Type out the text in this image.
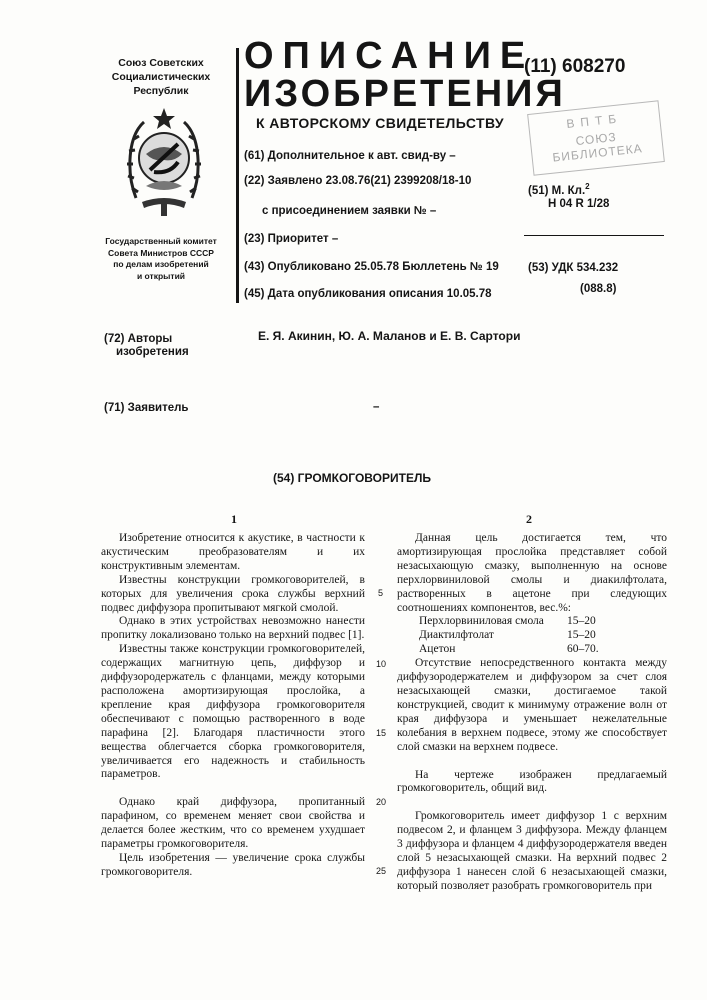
Союз Советских
Социалистических
Республик
Государственный комитет
Совета Министров СССР
по делам изобретений
и открытий
ОПИСАНИЕ
ИЗОБРЕТЕНИЯ
К АВТОРСКОМУ СВИДЕТЕЛЬСТВУ
(11) 608270
ВПТБ
СОЮЗ БИБЛИОТЕКА
(61) Дополнительное к авт. свид-ву –
(22) Заявлено 23.08.76(21) 2399208/18-10
с присоединением заявки № –
(23) Приоритет –
(43) Опубликовано 25.05.78 Бюллетень № 19
(45) Дата опубликования описания 10.05.78
(51) М. Кл.$^2$
H 04 R 1/28
(53) УДК 534.232
(088.8)
(72) Авторы
изобретения
Е. Я. Акинин, Ю. А. Маланов и Е. В. Сартори
(71) Заявитель	–
(54) ГРОМКОГОВОРИТЕЛЬ
1	2

Изобретение относится к акустике, в частности к акустическим преобразователям и их конструктивным элементам.

Известны конструкции громкоговорителей, в которых для увеличения срока службы верхний подвес диффузора пропитывают мягкой смолой.

Однако в этих устройствах невозможно нанести пропитку локализовано только на верхний подвес [1].

Известны также конструкции громкоговорителей, содержащих магнитную цепь, диффузор и диффузородержатель с фланцами, между которыми расположена амортизирующая прослойка, а крепление края диффузора громкоговорителя обеспечивают с помощью растворенного в воде парафина [2]. Благодаря пластичности этого вещества облегчается сборка громкоговорителя, увеличивается его надежность и стабильность параметров.

Однако край диффузора, пропитанный парафином, со временем меняет свои свойства и делается более жестким, что со временем ухудшает параметры громкоговорителя.

Цель изобретения — увеличение срока службы громкоговорителя.

5
10
15
20
25

Данная цель достигается тем, что амортизирующая прослойка представляет собой незасыхающую смазку, выполненную на основе перхлорвиниловой смолы и диакилфтолата, растворенных в ацетоне при следующих соотношениях компонентов, вес.%:

Перхлорвиниловая смола 15–20
Диактилфтолат	15–20
Ацетон	60–70.

Отсутствие непосредственного контакта между диффузородержателем и диффузором за счет слоя незасыхающей смазки, достигаемое такой конструкцией, сводит к минимуму отражение волн от края диффузора и уменьшает нежелательные колебания в верхнем подвесе, этому же способствует слой смазки на верхнем подвесе.

На чертеже изображен предлагаемый громкоговоритель, общий вид.

Громкоговоритель имеет диффузор 1 с верхним подвесом 2, и фланцем 3 диффузора. Между фланцем 3 диффузора и фланцем 4 диффузородержателя введен слой 5 незасыхающей смазки. На верхний подвес 2 диффузора 1 нанесен слой 6 незасыхающей смазки, который позволяет разобрать громкоговоритель при
